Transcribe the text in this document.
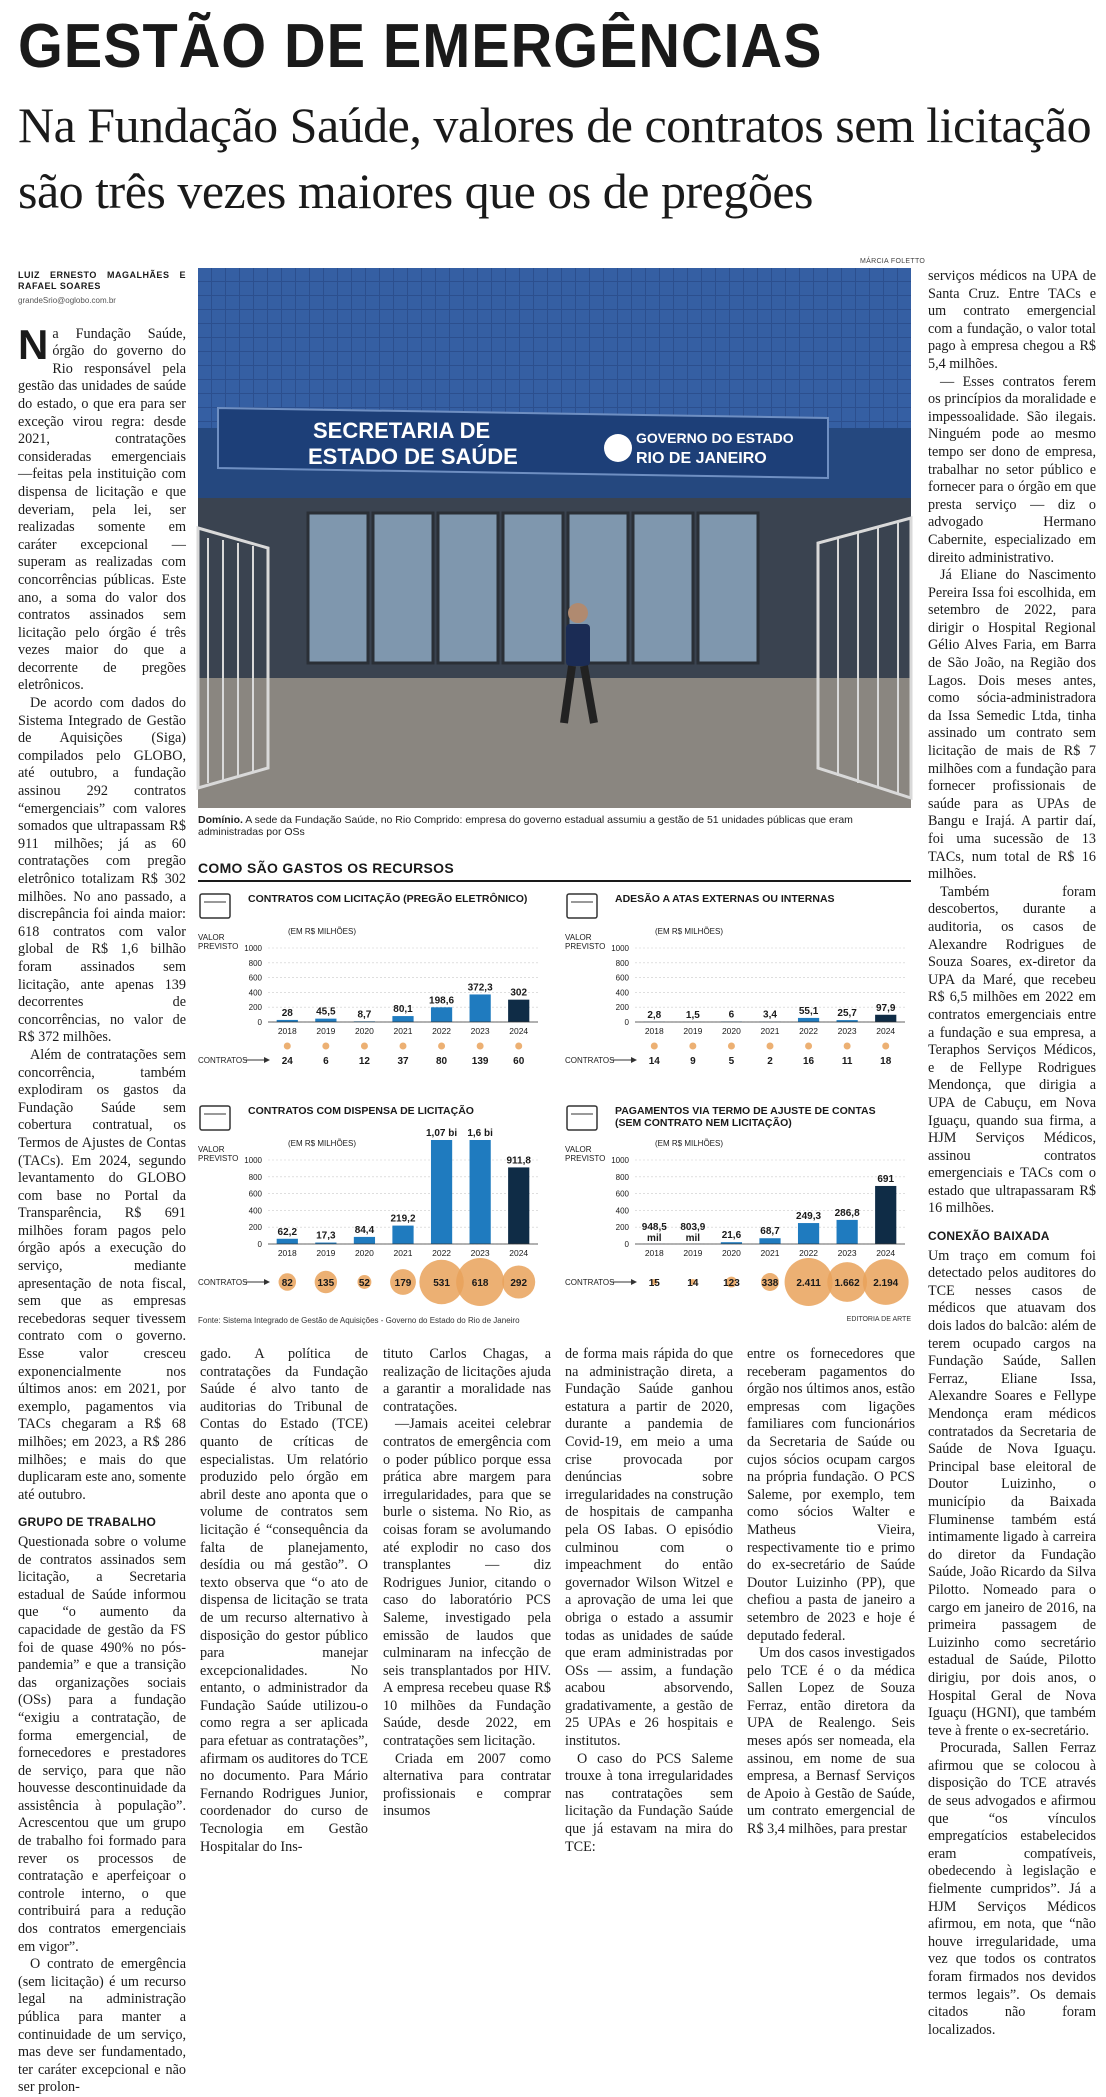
GESTÃO DE EMERGÊNCIAS
Na Fundação Saúde, valores de contratos sem licitação são três vezes maiores que os de pregões
LUIZ ERNESTO MAGALHÃES E RAFAEL SOARES
grandeSrio@oglobo.com.br

Na Fundação Saúde, órgão do governo do Rio responsável pela gestão das unidades de saúde do estado, o que era para ser exceção virou regra: desde 2021, contratações consideradas emergenciais —feitas pela instituição com dispensa de licitação e que deveriam, pela lei, ser realizadas somente em caráter excepcional —superam as realizadas com concorrências públicas. Este ano, a soma do valor dos contratos assinados sem licitação pelo órgão é três vezes maior do que a decorrente de pregões eletrônicos.

De acordo com dados do Sistema Integrado de Gestão de Aquisições (Siga) compilados pelo GLOBO, até outubro, a fundação assinou 292 contratos “emergenciais” com valores somados que ultrapassam R$ 911 milhões; já as 60 contratações com pregão eletrônico totalizam R$ 302 milhões. No ano passado, a discrepância foi ainda maior: 618 contratos com valor global de R$ 1,6 bilhão foram assinados sem licitação, ante apenas 139 decorrentes de concorrências, no valor de R$ 372 milhões.

Além de contratações sem concorrência, também explodiram os gastos da Fundação Saúde sem cobertura contratual, os Termos de Ajustes de Contas (TACs). Em 2024, segundo levantamento do GLOBO com base no Portal da Transparência, R$ 691 milhões foram pagos pelo órgão após a execução do serviço, mediante apresentação de nota fiscal, sem que as empresas recebedoras sequer tivessem contrato com o governo. Esse valor cresceu exponencialmente nos últimos anos: em 2021, por exemplo, pagamentos via TACs chegaram a R$ 68 milhões; em 2023, a R$ 286 milhões; e mais do que duplicaram este ano, somente até outubro.

GRUPO DE TRABALHO

Questionada sobre o volume de contratos assinados sem licitação, a Secretaria estadual de Saúde informou que “o aumento da capacidade de gestão da FS foi de quase 490% no pós-pandemia” e que a transição das organizações sociais (OSs) para a fundação “exigiu a contratação, de forma emergencial, de fornecedores e prestadores de serviço, para que não houvesse descontinuidade da assistência à população”. Acrescentou que um grupo de trabalho foi formado para rever os processos de contratação e aperfeiçoar o controle interno, o que contribuirá para a redução dos contratos emergenciais em vigor”.

O contrato de emergência (sem licitação) é um recurso legal na administração pública para manter a continuidade de um serviço, mas deve ser fundamentado, ter caráter excepcional e não ser prolon-

MÁRCIA FOLETTO
SECRETARIA DE
ESTADO DE SAÚDE
GOVERNO DO ESTADO
RIO DE JANEIRO
Domínio. A sede da Fundação Saúde, no Rio Comprido: empresa do governo estadual assumiu a gestão de 51 unidades públicas que eram administradas por OSs
COMO SÃO GASTOS OS RECURSOS
CONTRATOS COM LICITAÇÃO (PREGÃO ELETRÔNICO)
VALOR
PREVISTO
(EM R$ MILHÕES)
0
200
400
600
800
1000
28
2018
45,5
2019
8,7
2020
80,1
2021
198,6
2022
372,3
2023
302
2024
CONTRATOS	24	6	12	37	80 139 60
ADESÃO A ATAS EXTERNAS OU INTERNAS
VALOR
PREVISTO
(EM R$ MILHÕES)
0
200
400
600
800
1000
2,8
2018
1,5
2019
6
2020
3,4
2021
55,1
2022
25,7
2023
97,9
2024
CONTRATOS	14	9	5	2	16	11	18
CONTRATOS COM DISPENSA DE LICITAÇÃO
VALOR
PREVISTO
(EM R$ MILHÕES)
0
200
400
600
800
1000
62,2
2018
17,3
2019
84,4
2020
219,2
2021
1,07 bi
2022
1,6 bi
2023
911,8
2024
CONTRATOS	82 135 52 179 531 618 292
PAGAMENTOS VIA TERMO DE AJUSTE DE CONTAS (SEM CONTRATO NEM LICITAÇÃO)
VALOR
PREVISTO
(EM R$ MILHÕES)
0
200
400
600
800
1000
948,5
mil
2018
803,9
mil
2019
21,6
2020
68,7
2021
249,3
2022
286,8
2023
691
2024
CONTRATOS	15	14 123 338 2.411 1.662 2.194
Fonte: Sistema Integrado de Gestão de Aquisições - Governo do Estado do Rio de Janeiro	EDITORIA DE ARTE

gado. A política de contratações da Fundação Saúde é alvo tanto de auditorias do Tribunal de Contas do Estado (TCE) quanto de críticas de especialistas. Um relatório produzido pelo órgão em abril deste ano aponta que o volume de contratos sem licitação é “consequência da falta de planejamento, desídia ou má gestão”. O texto observa que “o ato de dispensa de licitação se trata de um recurso alternativo à disposição do gestor público para manejar excepcionalidades. No entanto, o administrador da Fundação Saúde utilizou-o como regra a ser aplicada para efetuar as contratações”, afirmam os auditores do TCE no documento. Para Mário Fernando Rodrigues Junior, coordenador do curso de Tecnologia em Gestão Hospitalar do Ins-

tituto Carlos Chagas, a realização de licitações ajuda a garantir a moralidade nas contratações.

—Jamais aceitei celebrar contratos de emergência com o poder público porque essa prática abre margem para irregularidades, para que se burle o sistema. No Rio, as coisas foram se avolumando até explodir no caso dos transplantes — diz Rodrigues Junior, citando o caso do laboratório PCS Saleme, investigado pela emissão de laudos que culminaram na infecção de seis transplantados por HIV. A empresa recebeu quase R$ 10 milhões da Fundação Saúde, desde 2022, em contratações sem licitação.

Criada em 2007 como alternativa para contratar profissionais e comprar insumos

de forma mais rápida do que na administração direta, a Fundação Saúde ganhou estatura a partir de 2020, durante a pandemia de Covid-19, em meio a uma crise provocada por denúncias sobre irregularidades na construção de hospitais de campanha pela OS Iabas. O episódio culminou com o impeachment do então governador Wilson Witzel e a aprovação de uma lei que obriga o estado a assumir todas as unidades de saúde que eram administradas por OSs — assim, a fundação acabou absorvendo, gradativamente, a gestão de 25 UPAs e 26 hospitais e institutos.

O caso do PCS Saleme trouxe à tona irregularidades nas contratações sem licitação da Fundação Saúde que já estavam na mira do TCE:

entre os fornecedores que receberam pagamentos do órgão nos últimos anos, estão empresas com ligações familiares com funcionários da Secretaria de Saúde ou cujos sócios ocupam cargos na própria fundação. O PCS Saleme, por exemplo, tem como sócios Walter e Matheus Vieira, respectivamente tio e primo do ex-secretário de Saúde Doutor Luizinho (PP), que chefiou a pasta de janeiro a setembro de 2023 e hoje é deputado federal.

Um dos casos investigados pelo TCE é o da médica Sallen Lopez de Souza Ferraz, então diretora da UPA de Realengo. Seis meses após ser nomeada, ela assinou, em nome de sua empresa, a Bernasf Serviços de Apoio à Gestão de Saúde, um contrato emergencial de R$ 3,4 milhões, para prestar

serviços médicos na UPA de Santa Cruz. Entre TACs e um contrato emergencial com a fundação, o valor total pago à empresa chegou a R$ 5,4 milhões.

— Esses contratos ferem os princípios da moralidade e impessoalidade. São ilegais. Ninguém pode ao mesmo tempo ser dono de empresa, trabalhar no setor público e fornecer para o órgão em que presta serviço — diz o advogado Hermano Cabernite, especializado em direito administrativo.

Já Eliane do Nascimento Pereira Issa foi escolhida, em setembro de 2022, para dirigir o Hospital Regional Gélio Alves Faria, em Barra de São João, na Região dos Lagos. Dois meses antes, como sócia-administradora da Issa Semedic Ltda, tinha assinado um contrato sem licitação de mais de R$ 7 milhões com a fundação para fornecer profissionais de saúde para as UPAs de Bangu e Irajá. A partir daí, foi uma sucessão de 13 TACs, num total de R$ 16 milhões.

Também foram descobertos, durante a auditoria, os casos de Alexandre Rodrigues de Souza Soares, ex-diretor da UPA da Maré, que recebeu R$ 6,5 milhões em 2022 em contratos emergenciais entre a fundação e sua empresa, a Teraphos Serviços Médicos, e de Fellype Rodrigues Mendonça, que dirigia a UPA de Cabuçu, em Nova Iguaçu, quando sua firma, a HJM Serviços Médicos, assinou contratos emergenciais e TACs com o estado que ultrapassaram R$ 16 milhões.

CONEXÃO BAIXADA

Um traço em comum foi detectado pelos auditores do TCE nesses casos de médicos que atuavam dos dois lados do balcão: além de terem ocupado cargos na Fundação Saúde, Sallen Ferraz, Eliane Issa, Alexandre Soares e Fellype Mendonça eram médicos contratados da Secretaria de Saúde de Nova Iguaçu. Principal base eleitoral de Doutor Luizinho, o município da Baixada Fluminense também está intimamente ligado à carreira do diretor da Fundação Saúde, João Ricardo da Silva Pilotto. Nomeado para o cargo em janeiro de 2016, na primeira passagem de Luizinho como secretário estadual de Saúde, Pilotto dirigiu, por dois anos, o Hospital Geral de Nova Iguaçu (HGNI), que também teve à frente o ex-secretário.

Procurada, Sallen Ferraz afirmou que se colocou à disposição do TCE através de seus advogados e afirmou que “os vínculos empregatícios estabelecidos eram compatíveis, obedecendo à legislação e fielmente cumpridos”. Já a HJM Serviços Médicos afirmou, em nota, que “não houve irregularidade, uma vez que todos os contratos foram firmados nos devidos termos legais”. Os demais citados não foram localizados.
